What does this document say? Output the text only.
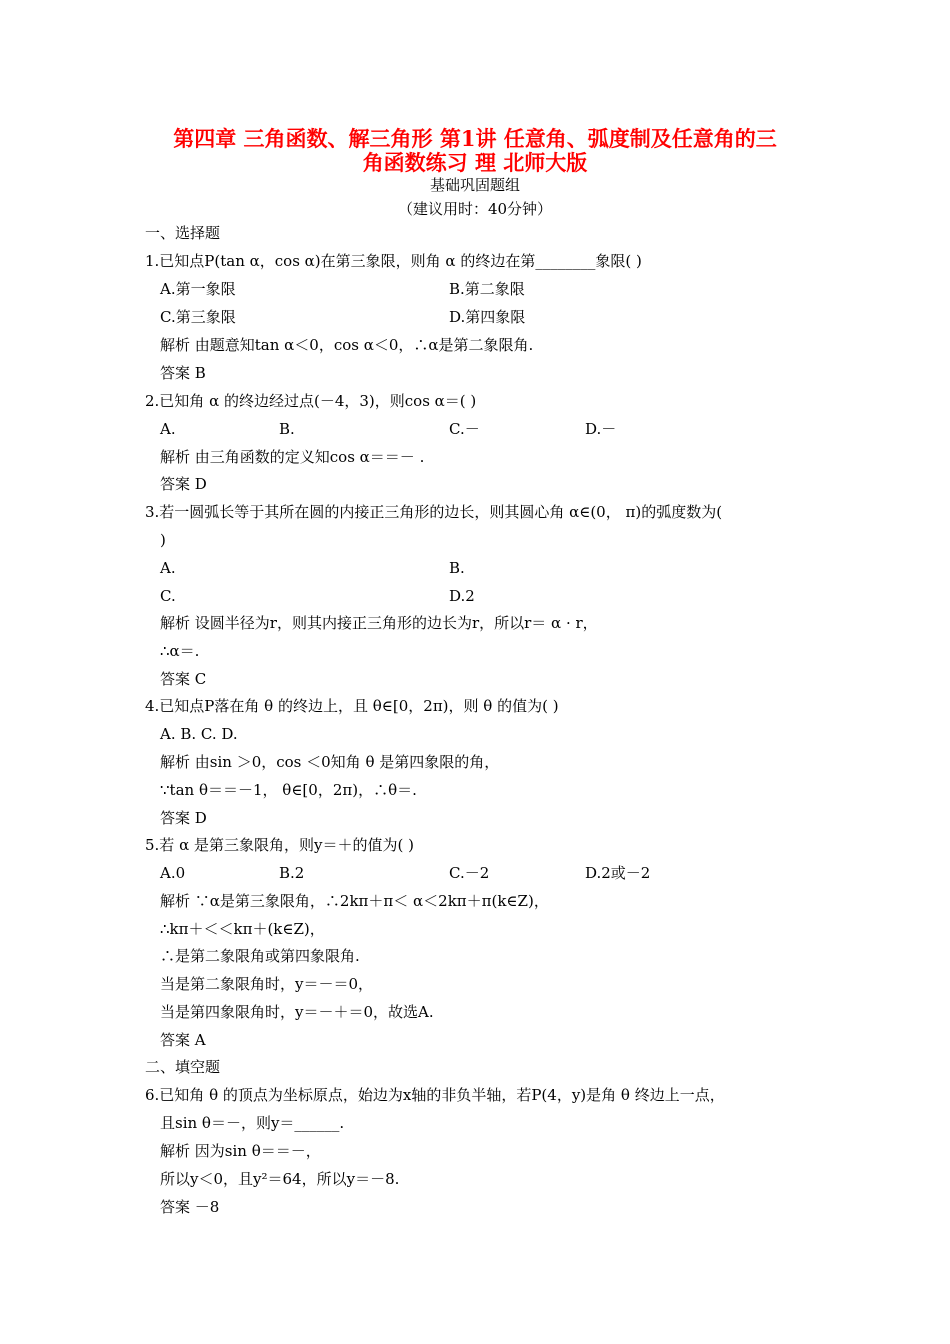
第四章 三角函数、解三角形 第1讲 任意角、弧度制及任意角的三
角函数练习 理 北师大版
基础巩固题组
（建议用时：40分钟）
一、选择题
1.已知点P(tan α，cos α)在第三象限，则角 α 的终边在第________象限( )
A.第一象限	B.第二象限
C.第三象限	D.第四象限
解析 由题意知tan α＜0，cos α＜0，∴α是第二象限角.
答案 B
2.已知角 α 的终边经过点(－4，3)，则cos α＝( )
A.	B.	C.－	D.－
解析 由三角函数的定义知cos α＝＝－ .
答案 D
3.若一圆弧长等于其所在圆的内接正三角形的边长，则其圆心角 α∈(0， π)的弧度数为(
)
A.	B.
C.	D.2
解析 设圆半径为r，则其内接正三角形的边长为r，所以r＝ α · r，
∴α＝.
答案 C
4.已知点P落在角 θ 的终边上，且 θ∈[0，2π)，则 θ 的值为( )
A. B. C. D.
解析 由sin ＞0，cos ＜0知角 θ 是第四象限的角，
∵tan θ＝＝－1， θ∈[0，2π)，∴θ＝.
答案 D
5.若 α 是第三象限角，则y＝＋的值为( )
A.0	B.2	C.－2	D.2或－2
解析 ∵α是第三象限角，∴2kπ＋π＜ α＜2kπ＋π(k∈Z)，
∴kπ＋＜＜kπ＋(k∈Z)，
∴是第二象限角或第四象限角.
当是第二象限角时，y＝－＝0，
当是第四象限角时，y＝－＋＝0，故选A.
答案 A
二、填空题
6.已知角 θ 的顶点为坐标原点，始边为x轴的非负半轴，若P(4，y)是角 θ 终边上一点，
且sin θ＝－，则y＝______.
解析 因为sin θ＝＝－，
所以y＜0，且y²＝64，所以y＝－8.
答案 －8
